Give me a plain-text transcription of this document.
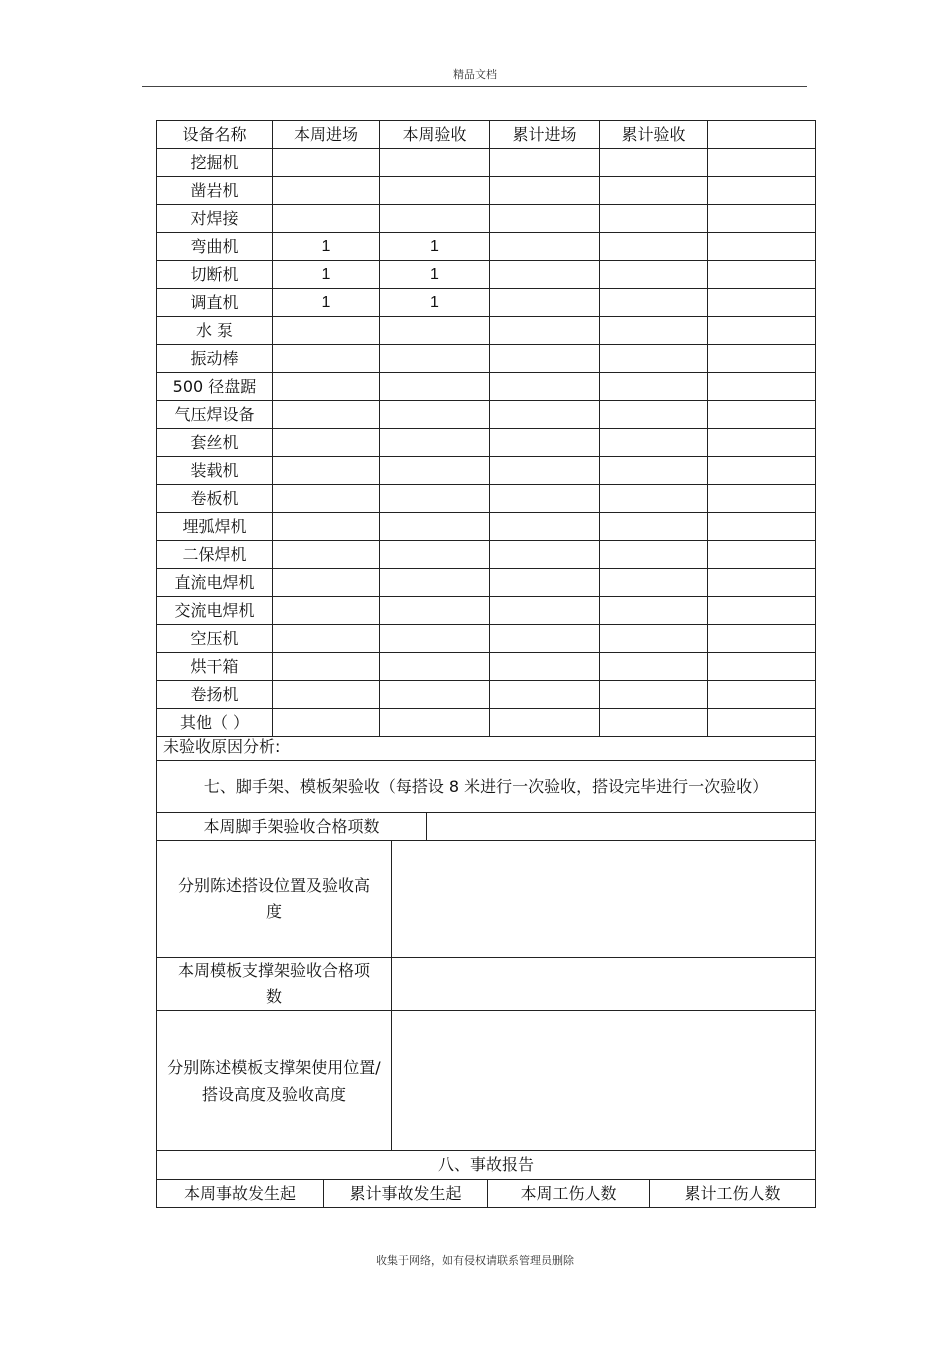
精品文档
设备名称	本周进场	本周验收	累计进场	累计验收	
挖掘机					
凿岩机					
对焊接					
弯曲机	1	1			
切断机	1	1			
调直机	1	1			
水 泵					
振动棒					
500 径盘踞					
气压焊设备					
套丝机					
装载机					
卷板机					
埋弧焊机					
二保焊机					
直流电焊机					
交流电焊机					
空压机					
烘干箱					
卷扬机					
其他（ ）					
未验收原因分析:					
七、脚手架、模板架验收（每搭设 8 米进行一次验收，搭设完毕进行一次验收）					
本周脚手架验收合格项数					
分别陈述搭设位置及验收高度					
本周模板支撑架验收合格项数					
分别陈述模板支撑架使用位置/搭设高度及验收高度					
八、事故报告					
本周事故发生起	累计事故发生起			本周工伤人数	累计工伤人数
收集于网络，如有侵权请联系管理员删除
